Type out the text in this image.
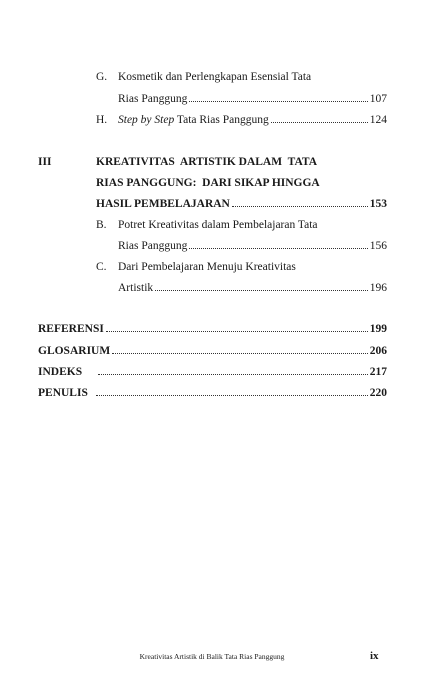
G. Kosmetik dan Perlengkapan Esensial Tata
Rias Panggung	107
H. Step by Step Tata Rias Panggung	124
III	KREATIVITAS  ARTISTIK DALAM  TATA
RIAS PANGGUNG:  DARI SIKAP HINGGA
HASIL PEMBELAJARAN	153
B. Potret Kreativitas dalam Pembelajaran Tata
Rias Panggung	156
C. Dari Pembelajaran Menuju Kreativitas
Artistik	196
REFERENSI	199
GLOSARIUM	206
INDEKS	217
PENULIS	220
Kreativitas Artistik di Balik Tata Rias Panggung	ix
